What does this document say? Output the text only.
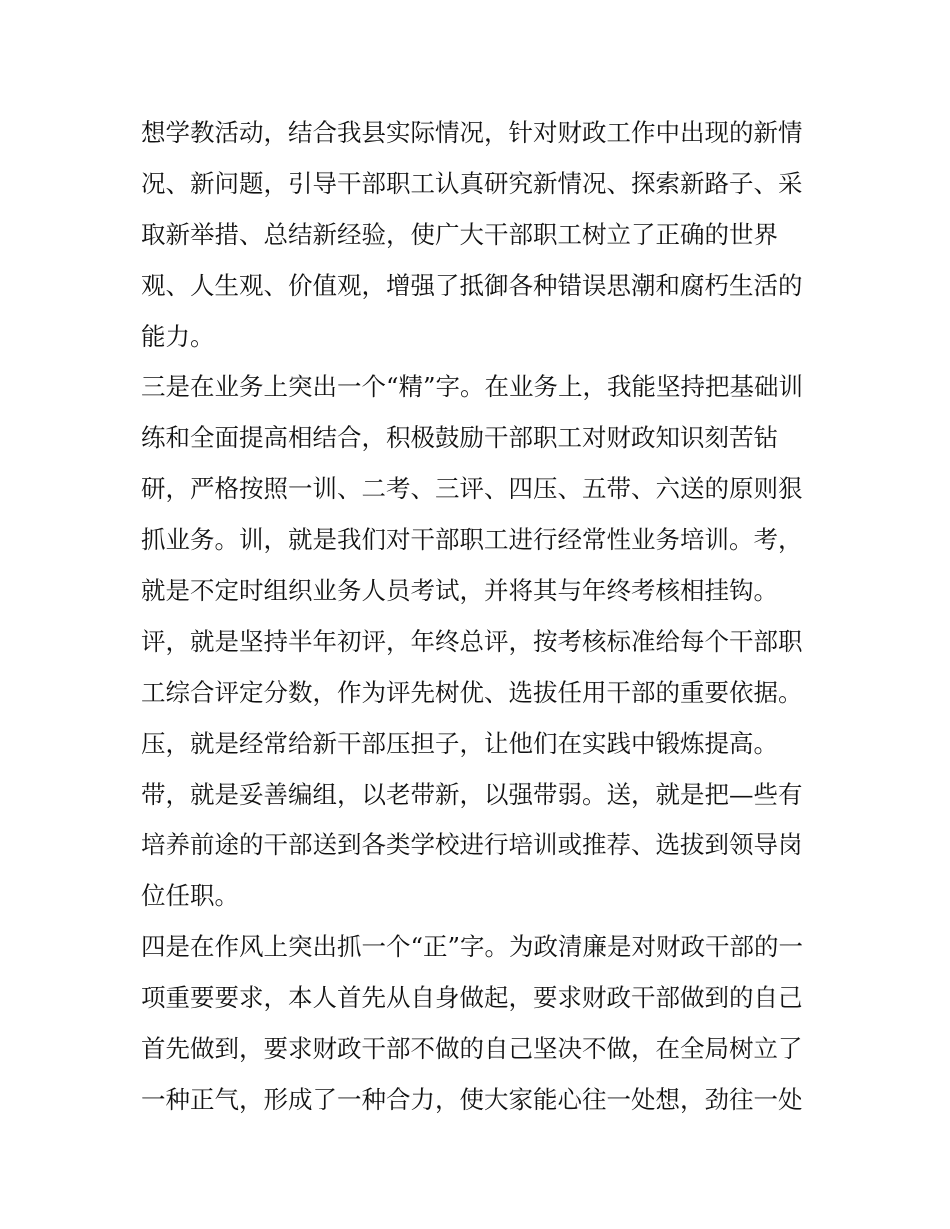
想学教活动，结合我县实际情况，针对财政工作中出现的新情
况、新问题，引导干部职工认真研究新情况、探索新路子、采
取新举措、总结新经验，使广大干部职工树立了正确的世界
观、人生观、价值观，增强了抵御各种错误思潮和腐朽生活的
能力。
三是在业务上突出一个“精”字。在业务上，我能坚持把基础训
练和全面提高相结合，积极鼓励干部职工对财政知识刻苦钻
研，严格按照一训、二考、三评、四压、五带、六送的原则狠
抓业务。训，就是我们对干部职工进行经常性业务培训。考，
就是不定时组织业务人员考试，并将其与年终考核相挂钩。
评，就是坚持半年初评，年终总评，按考核标准给每个干部职
工综合评定分数，作为评先树优、选拔任用干部的重要依据。
压，就是经常给新干部压担子，让他们在实践中锻炼提高。
带，就是妥善编组，以老带新，以强带弱。送，就是把—些有
培养前途的干部送到各类学校进行培训或推荐、选拔到领导岗
位任职。
四是在作风上突出抓一个“正”字。为政清廉是对财政干部的一
项重要要求，本人首先从自身做起，要求财政干部做到的自己
首先做到，要求财政干部不做的自己坚决不做，在全局树立了
一种正气，形成了一种合力，使大家能心往一处想，劲往一处
